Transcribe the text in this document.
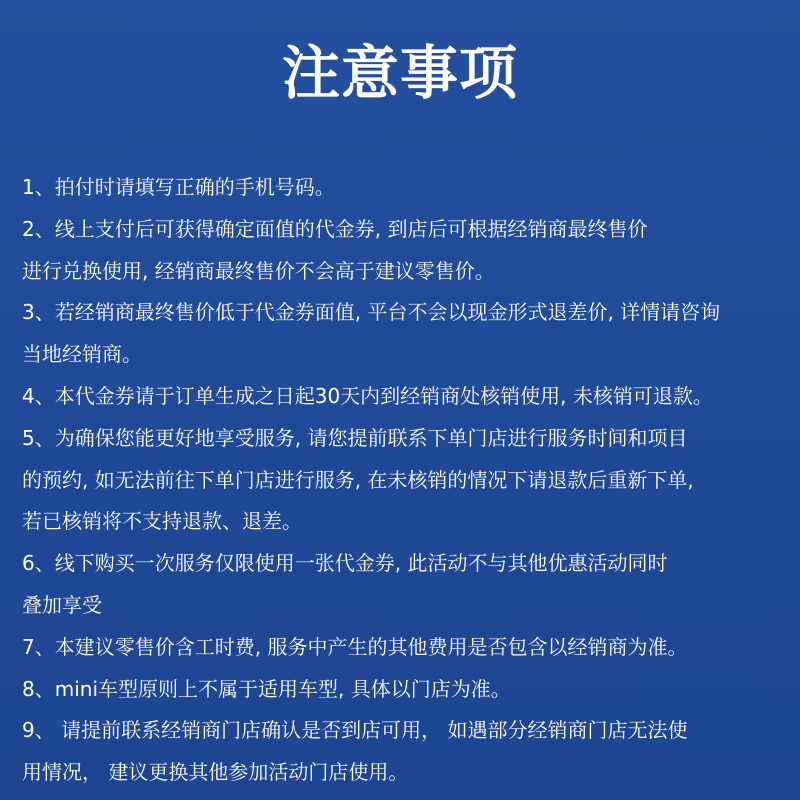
注意事项
1、拍付时请填写正确的手机号码。
2、线上支付后可获得确定面值的代金券, 到店后可根据经销商最终售价
进行兑换使用, 经销商最终售价不会高于建议零售价。
3、若经销商最终售价低于代金券面值, 平台不会以现金形式退差价, 详情请咨询
当地经销商。
4、本代金券请于订单生成之日起30天内到经销商处核销使用, 未核销可退款。
5、为确保您能更好地享受服务, 请您提前联系下单门店进行服务时间和项目
的预约, 如无法前往下单门店进行服务, 在未核销的情况下请退款后重新下单,
若已核销将不支持退款、退差。
6、线下购买一次服务仅限使用一张代金券, 此活动不与其他优惠活动同时
叠加享受
7、本建议零售价含工时费, 服务中产生的其他费用是否包含以经销商为准。
8、mini车型原则上不属于适用车型, 具体以门店为准。
9、 请提前联系经销商门店确认是否到店可用， 如遇部分经销商门店无法使
用情况， 建议更换其他参加活动门店使用。
